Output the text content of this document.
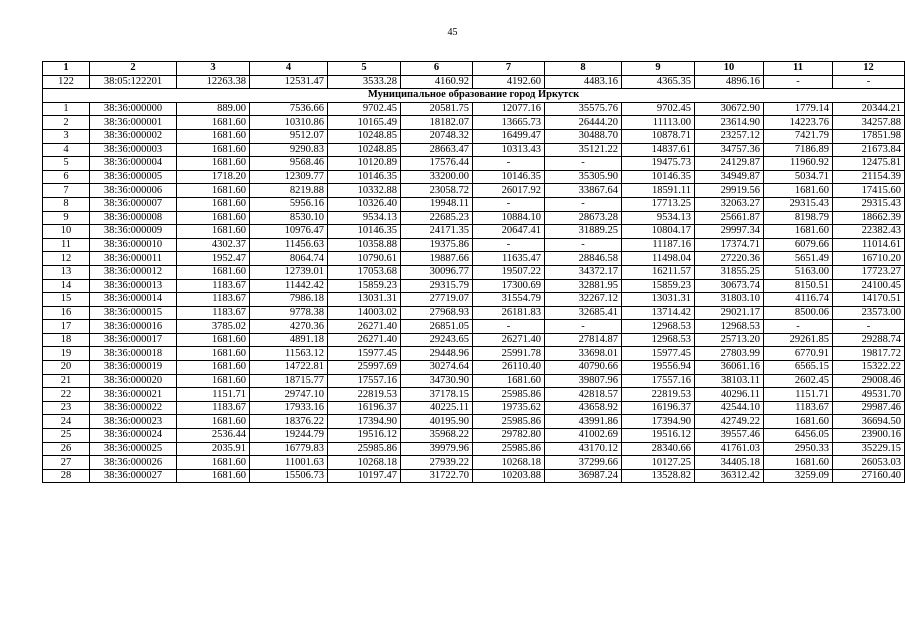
45
1	2	3	4	5	6	7	8	9	10	11	12
122	38:05:122201	12263.38	12531.47	3533.28	4160.92	4192.60	4483.16	4365.35	4896.16	-	-
Муниципальное образование город Иркутск											
1	38:36:000000	889.00	7536.66	9702.45	20581.75	12077.16	35575.76	9702.45	30672.90	1779.14	20344.21
2	38:36:000001	1681.60	10310.86	10165.49	18182.07	13665.73	26444.20	11113.00	23614.90	14223.76	34257.88
3	38:36:000002	1681.60	9512.07	10248.85	20748.32	16499.47	30488.70	10878.71	23257.12	7421.79	17851.98
4	38:36:000003	1681.60	9290.83	10248.85	28663.47	10313.43	35121.22	14837.61	34757.36	7186.89	21673.84
5	38:36:000004	1681.60	9568.46	10120.89	17576.44	-	-	19475.73	24129.87	11960.92	12475.81
6	38:36:000005	1718.20	12309.77	10146.35	33200.00	10146.35	35305.90	10146.35	34949.87	5034.71	21154.39
7	38:36:000006	1681.60	8219.88	10332.88	23058.72	26017.92	33867.64	18591.11	29919.56	1681.60	17415.60
8	38:36:000007	1681.60	5956.16	10326.40	19948.11	-	-	17713.25	32063.27	29315.43	29315.43
9	38:36:000008	1681.60	8530.10	9534.13	22685.23	10884.10	28673.28	9534.13	25661.87	8198.79	18662.39
10	38:36:000009	1681.60	10976.47	10146.35	24171.35	20647.41	31889.25	10804.17	29997.34	1681.60	22382.43
11	38:36:000010	4302.37	11456.63	10358.88	19375.86	-	-	11187.16	17374.71	6079.66	11014.61
12	38:36:000011	1952.47	8064.74	10790.61	19887.66	11635.47	28846.58	11498.04	27220.36	5651.49	16710.20
13	38:36:000012	1681.60	12739.01	17053.68	30096.77	19507.22	34372.17	16211.57	31855.25	5163.00	17723.27
14	38:36:000013	1183.67	11442.42	15859.23	29315.79	17300.69	32881.95	15859.23	30673.74	8150.51	24100.45
15	38:36:000014	1183.67	7986.18	13031.31	27719.07	31554.79	32267.12	13031.31	31803.10	4116.74	14170.51
16	38:36:000015	1183.67	9778.38	14003.02	27968.93	26181.83	32685.41	13714.42	29021.17	8500.06	23573.00
17	38:36:000016	3785.02	4270.36	26271.40	26851.05	-	-	12968.53	12968.53	-	-
18	38:36:000017	1681.60	4891.18	26271.40	29243.65	26271.40	27814.87	12968.53	25713.20	29261.85	29288.74
19	38:36:000018	1681.60	11563.12	15977.45	29448.96	25991.78	33698.01	15977.45	27803.99	6770.91	19817.72
20	38:36:000019	1681.60	14722.81	25997.69	30274.64	26110.40	40790.66	19556.94	36061.16	6565.15	15322.22
21	38:36:000020	1681.60	18715.77	17557.16	34730.90	1681.60	39807.96	17557.16	38103.11	2602.45	29008.46
22	38:36:000021	1151.71	29747.10	22819.53	37178.15	25985.86	42818.57	22819.53	40296.11	1151.71	49531.70
23	38:36:000022	1183.67	17933.16	16196.37	40225.11	19735.62	43658.92	16196.37	42544.10	1183.67	29987.46
24	38:36:000023	1681.60	18376.22	17394.90	40195.90	25985.86	43991.86	17394.90	42749.22	1681.60	36694.50
25	38:36:000024	2536.44	19244.79	19516.12	35968.22	29782.80	41002.69	19516.12	39557.46	6456.05	23900.16
26	38:36:000025	2035.91	16779.83	25985.86	39979.96	25985.86	43170.12	28340.66	41761.03	2950.33	35229.15
27	38:36:000026	1681.60	11001.63	10268.18	27939.22	10268.18	37299.66	10127.25	34405.18	1681.60	26053.03
28	38:36:000027	1681.60	15506.73	10197.47	31722.70	10203.88	36987.24	13528.82	36312.42	3259.09	27160.40
